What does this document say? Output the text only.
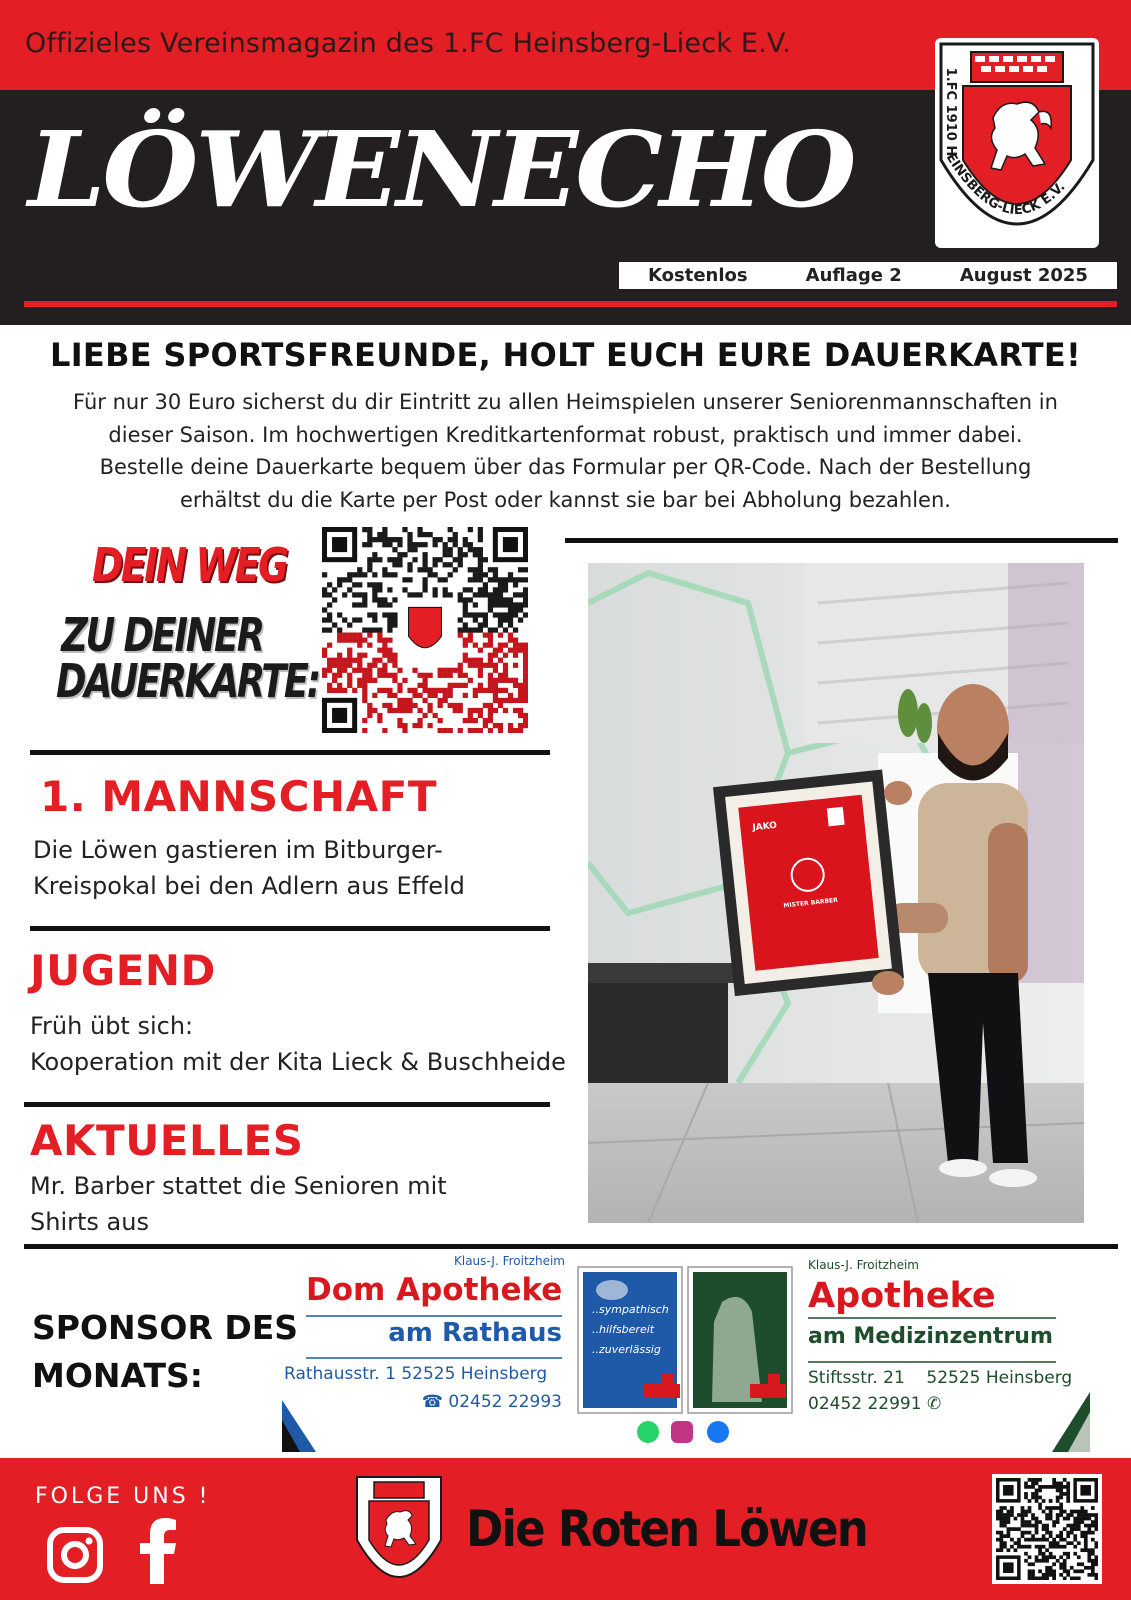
Offizieles Vereinsmagazin des 1.FC Heinsberg-Lieck E.V.
LÖWENECHO
1.FC 1910 HEINSBERG-LIECK E.V.
Kostenlos	Auflage 2	August 2025
LIEBE SPORTSFREUNDE, HOLT EUCH EURE DAUERKARTE!
Für nur 30 Euro sicherst du dir Eintritt zu allen Heimspielen unserer Seniorenmannschaften in
dieser Saison. Im hochwertigen Kreditkartenformat robust, praktisch und immer dabei.
Bestelle deine Dauerkarte bequem über das Formular per QR-Code. Nach der Bestellung
erhältst du die Karte per Post oder kannst sie bar bei Abholung bezahlen.
DEIN WEG
ZU DEINER
DAUERKARTE:
1. MANNSCHAFT
Die Löwen gastieren im Bitburger-
Kreispokal bei den Adlern aus Effeld
JUGEND
Früh übt sich:
Kooperation mit der Kita Lieck & Buschheide
AKTUELLES
Mr. Barber stattet die Senioren mit
Shirts aus
JAKO
MISTER BARBER
SPONSOR DES
MONATS:
Klaus-J. Froitzheim
Dom Apotheke
am Rathaus
Rathausstr. 1 52525 Heinsberg
☎ 02452 22993
..sympathisch
..hilfsbereit
..zuverlässig
Klaus-J. Froitzheim
Apotheke
am Medizinzentrum
Stiftsstr. 21    52525 Heinsberg
02452 22991 ✆
FOLGE UNS !
Die Roten Löwen
